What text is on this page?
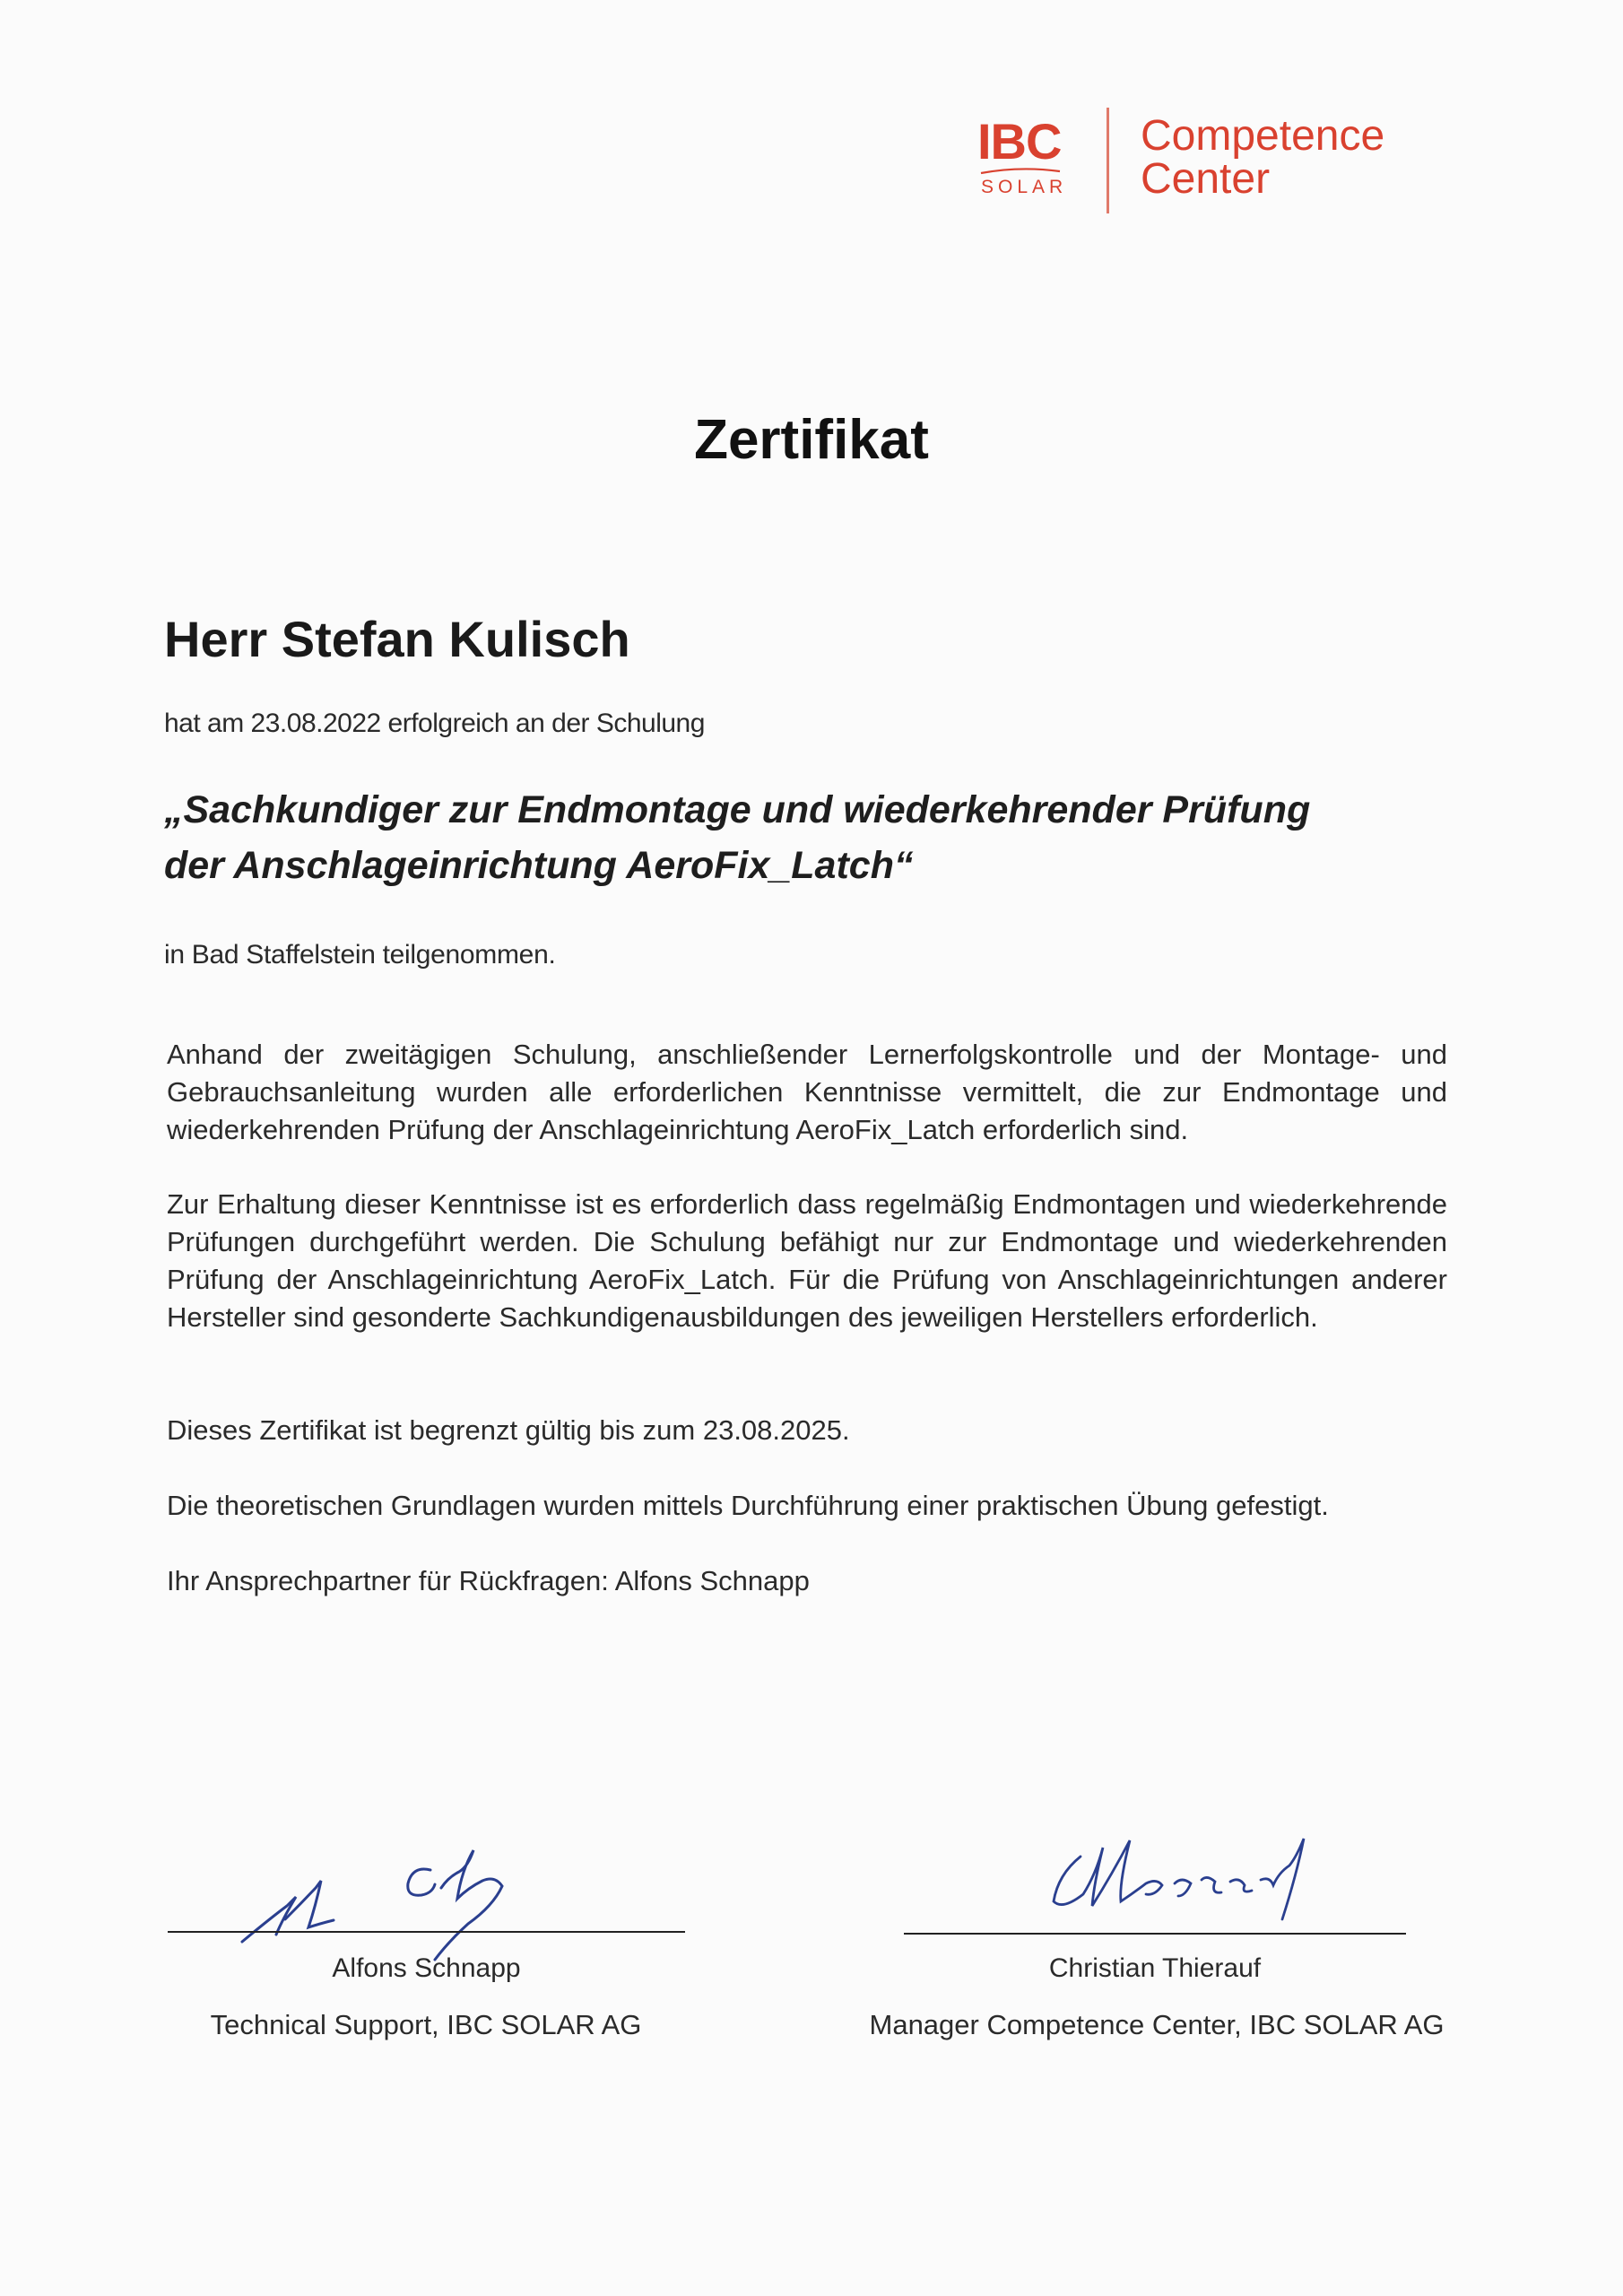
IBC
SOLAR
Competence
Center
Zertifikat
Herr Stefan Kulisch
hat am 23.08.2022 erfolgreich an der Schulung
„Sachkundiger zur Endmontage und wiederkehrender Prüfung
der Anschlageinrichtung AeroFix_Latch“
in Bad Staffelstein teilgenommen.
Anhand der zweitägigen Schulung, anschließender Lernerfolgskontrolle und der Montage- und Gebrauchsanleitung wurden alle erforderlichen Kenntnisse vermittelt, die zur Endmontage und wiederkehrenden Prüfung der Anschlageinrichtung AeroFix_Latch erforderlich sind.
Zur Erhaltung dieser Kenntnisse ist es erforderlich dass regelmäßig Endmontagen und wiederkehrende Prüfungen durchgeführt werden. Die Schulung befähigt nur zur Endmontage und wiederkehrenden Prüfung der Anschlageinrichtung AeroFix_Latch. Für die Prüfung von Anschlageinrichtungen anderer Hersteller sind gesonderte Sachkundigenausbildungen des jeweiligen Herstellers erforderlich.
Dieses Zertifikat ist begrenzt gültig bis zum 23.08.2025.
Die theoretischen Grundlagen wurden mittels Durchführung einer praktischen Übung gefestigt.
Ihr Ansprechpartner für Rückfragen: Alfons Schnapp
Alfons Schnapp	Christian Thierauf
Technical Support, IBC SOLAR AG	Manager Competence Center, IBC SOLAR AG
